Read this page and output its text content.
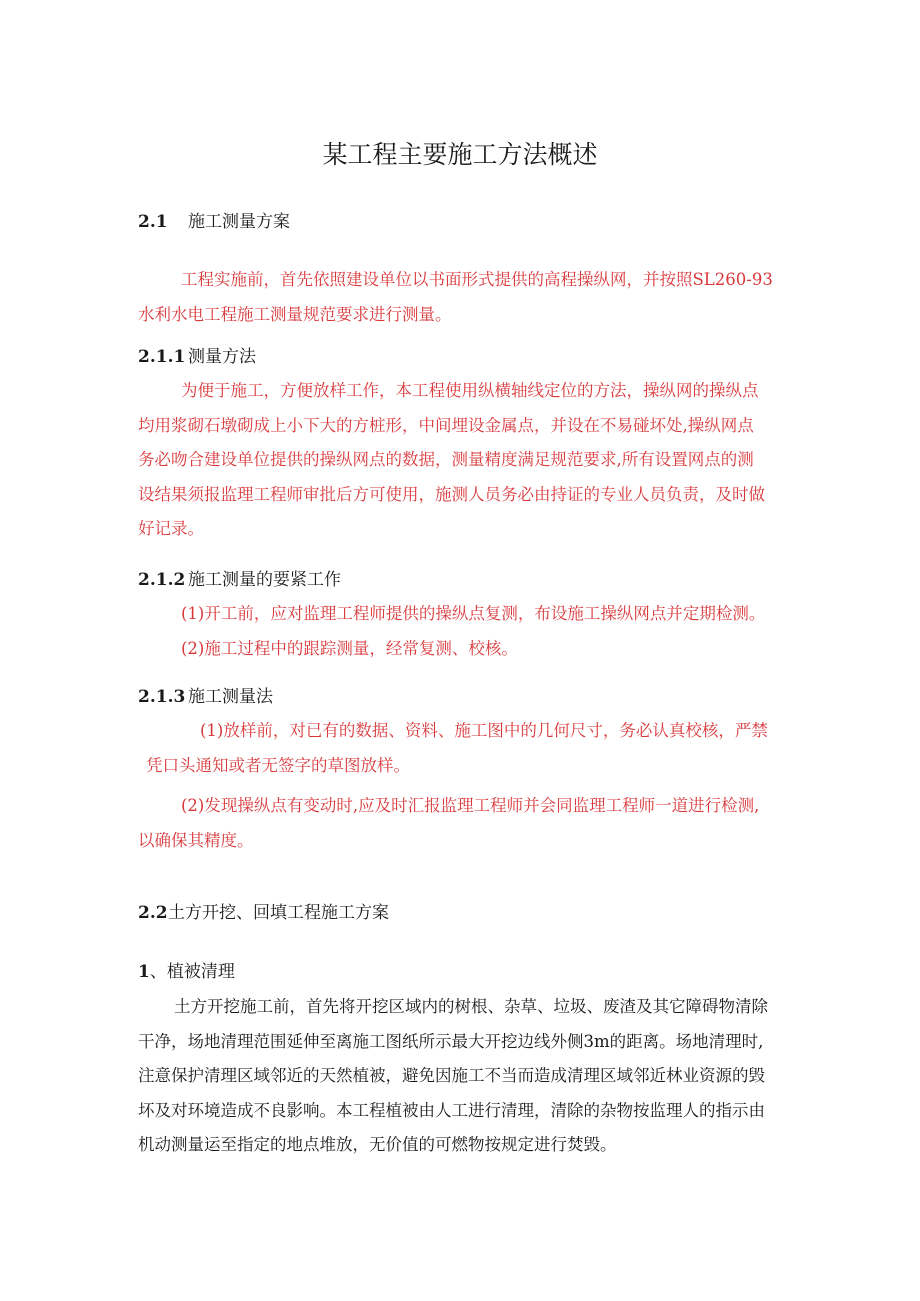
某工程主要施工方法概述
2.1 施工测量方案
工程实施前，首先依照建设单位以书面形式提供的高程操纵网，并按照SL260-93
水利水电工程施工测量规范要求进行测量。
2.1.1 测量方法
为便于施工，方便放样工作，本工程使用纵横轴线定位的方法，操纵网的操纵点
均用浆砌石墩砌成上小下大的方桩形，中间埋设金属点，并设在不易碰坏处,操纵网点
务必吻合建设单位提供的操纵网点的数据，测量精度满足规范要求,所有设置网点的测
设结果须报监理工程师审批后方可使用，施测人员务必由持证的专业人员负责，及时做
好记录。
2.1.2 施工测量的要紧工作
(1)开工前，应对监理工程师提供的操纵点复测，布设施工操纵网点并定期检测。
(2)施工过程中的跟踪测量，经常复测、校核。
2.1.3 施工测量法
(1)放样前，对已有的数据、资料、施工图中的几何尺寸，务必认真校核，严禁
凭口头通知或者无签字的草图放样。
(2)发现操纵点有变动时,应及时汇报监理工程师并会同监理工程师一道进行检测,
以确保其精度。
2.2土方开挖、回填工程施工方案
1、植被清理
土方开挖施工前，首先将开挖区域内的树根、杂草、垃圾、废渣及其它障碍物清除
干净，场地清理范围延伸至离施工图纸所示最大开挖边线外侧3m的距离。场地清理时,
注意保护清理区域邻近的天然植被，避免因施工不当而造成清理区域邻近林业资源的毁
坏及对环境造成不良影响。本工程植被由人工进行清理，清除的杂物按监理人的指示由
机动测量运至指定的地点堆放，无价值的可燃物按规定进行焚毁。
